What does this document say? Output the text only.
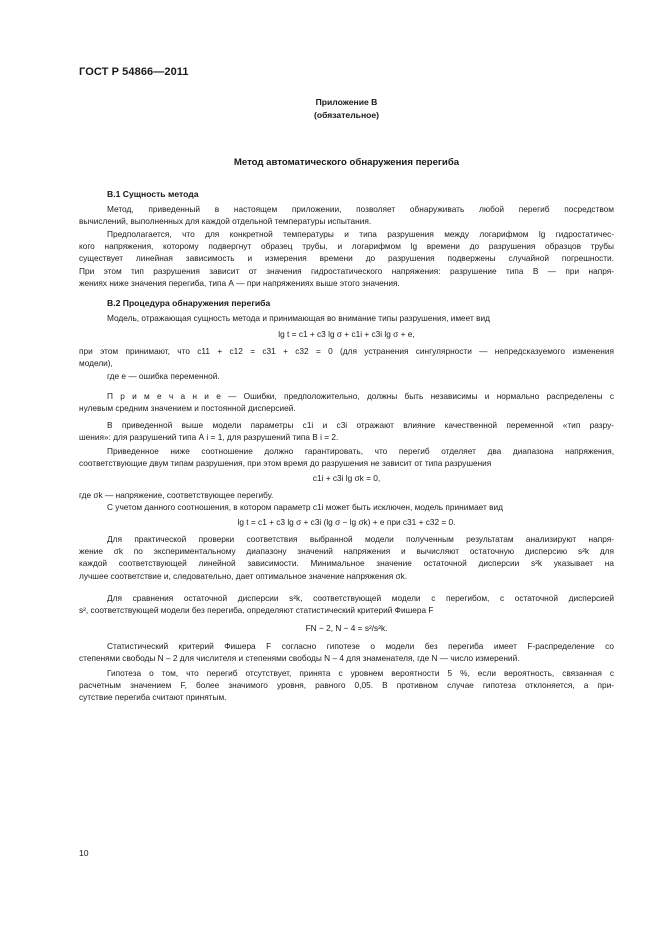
ГОСТ Р 54866—2011
Приложение В
(обязательное)
Метод автоматического обнаружения перегиба
В.1 Сущность метода
Метод, приведенный в настоящем приложении, позволяет обнаруживать любой перегиб посредством
вычислений, выполненных для каждой отдельной температуры испытания.
Предполагается, что для конкретной температуры и типа разрушения между логарифмом lg гидростатичес-
кого напряжения, которому подвергнут образец трубы, и логарифмом lg времени до разрушения образцов трубы
существует линейная зависимость и измерения времени до разрушения подвержены случайной погрешности.
При этом тип разрушения зависит от значения гидростатического напряжения: разрушение типа В — при напря-
жениях ниже значения перегиба, типа А — при напряжениях выше этого значения.
В.2 Процедура обнаружения перегиба
Модель, отражающая сущность метода и принимающая во внимание типы разрушения, имеет вид
lg t = c1 + c3 lg σ + c1i + c3i lg σ + e,
при этом принимают, что c11 + c12 = c31 + c32 = 0 (для устранения сингулярности — непредсказуемого изменения
модели),
где e — ошибка переменной.
П р и м е ч а н и е — Ошибки, предположительно, должны быть независимы и нормально распределены с
нулевым средним значением и постоянной дисперсией.
В приведенной выше модели параметры c1i и c3i отражают влияние качественной переменной «тип разру-
шения»: для разрушений типа А i = 1, для разрушений типа В i = 2.
Приведенное ниже соотношение должно гарантировать, что перегиб отделяет два диапазона напряжения,
соответствующие двум типам разрушения, при этом время до разрушения не зависит от типа разрушения
c1i + c3i lg σk = 0,
где σk — напряжение, соответствующее перегибу.
С учетом данного соотношения, в котором параметр c1i может быть исключен, модель принимает вид
lg t = c1 + c3 lg σ + c3i (lg σ − lg σk) + e при c31 + c32 = 0.
Для практической проверки соответствия выбранной модели полученным результатам анализируют напря-
жение σk по экспериментальному диапазону значений напряжения и вычисляют остаточную дисперсию s²k для
каждой соответствующей линейной зависимости. Минимальное значение остаточной дисперсии s²k указывает на
лучшее соответствие и, следовательно, дает оптимальное значение напряжения σk.
Для сравнения остаточной дисперсии s²k, соответствующей модели с перегибом, с остаточной дисперсией
s², соответствующей модели без перегиба, определяют статистический критерий Фишера F
FN − 2, N − 4 = s²/s²k.
Статистический критерий Фишера F согласно гипотезе о модели без перегиба имеет F-распределение со
степенями свободы N – 2 для числителя и степенями свободы N – 4 для знаменателя, где N — число измерений.
Гипотеза о том, что перегиб отсутствует, принята с уровнем вероятности 5 %, если вероятность, связанная с
расчетным значением F, более значимого уровня, равного 0,05. В противном случае гипотеза отклоняется, а при-
сутствие перегиба считают принятым.
10
